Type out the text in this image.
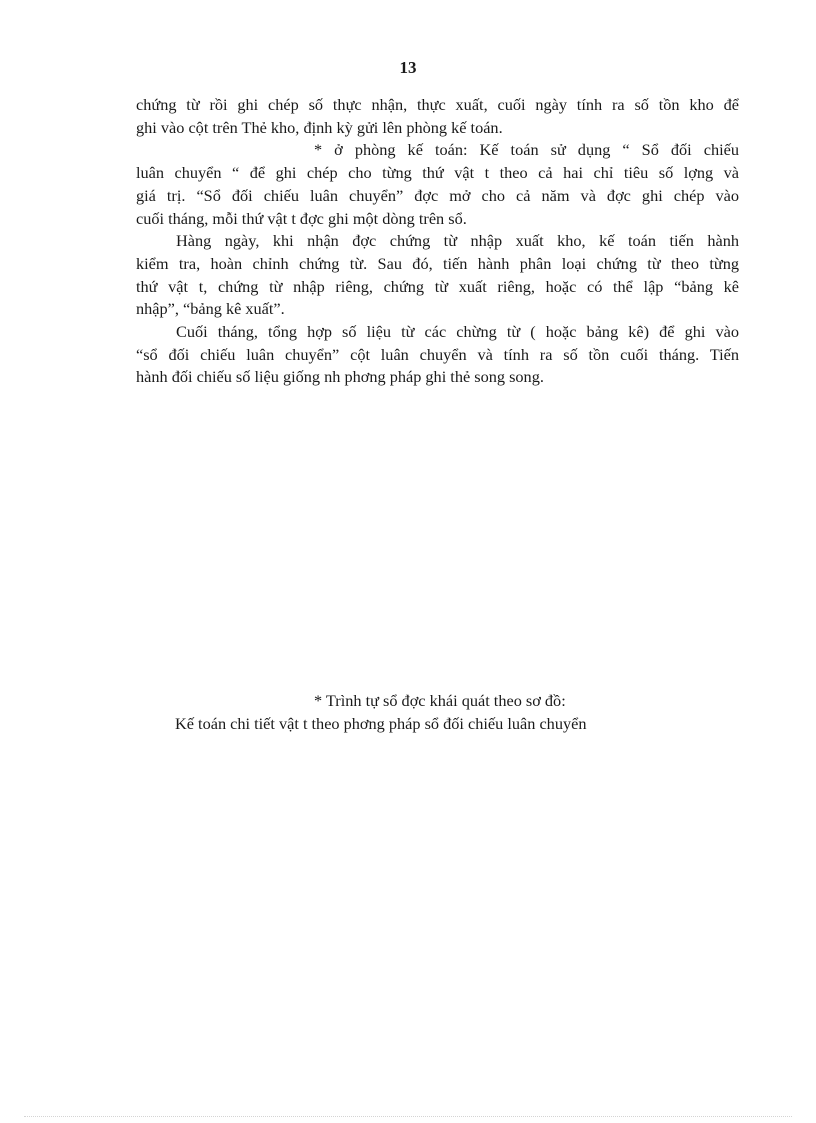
13
chứng từ rồi ghi chép số thực nhận, thực xuất, cuối ngày tính ra số tồn kho để
ghi vào cột trên Thẻ kho, định kỳ gửi lên phòng kế toán.
* ở phòng kế toán: Kế toán sử dụng “ Sổ đối chiếu
luân chuyển “ để ghi chép cho từng thứ vật t theo cả hai chỉ tiêu số lợng và
giá trị. “Sổ đối chiếu luân chuyển” đợc mở cho cả năm và đợc ghi chép vào
cuối tháng, mỗi thứ vật t đợc ghi một dòng trên sổ.
Hàng ngày, khi nhận đợc chứng từ nhập xuất kho, kế toán tiến hành
kiểm tra, hoàn chỉnh chứng từ. Sau đó, tiến hành phân loại chứng từ theo từng
thứ vật t, chứng từ nhập riêng, chứng từ xuất riêng, hoặc có thể lập “bảng kê
nhập”, “bảng kê xuất”.
Cuối tháng, tổng hợp số liệu từ các chừng từ ( hoặc bảng kê) để ghi vào
“sổ đối chiếu luân chuyển” cột luân chuyển và tính ra số tồn cuối tháng. Tiến
hành đối chiếu số liệu giống nh phơng pháp ghi thẻ song song.
* Trình tự sổ đợc khái quát theo sơ đồ:
Kế toán chi tiết vật t theo phơng pháp sổ đối chiếu luân chuyển
